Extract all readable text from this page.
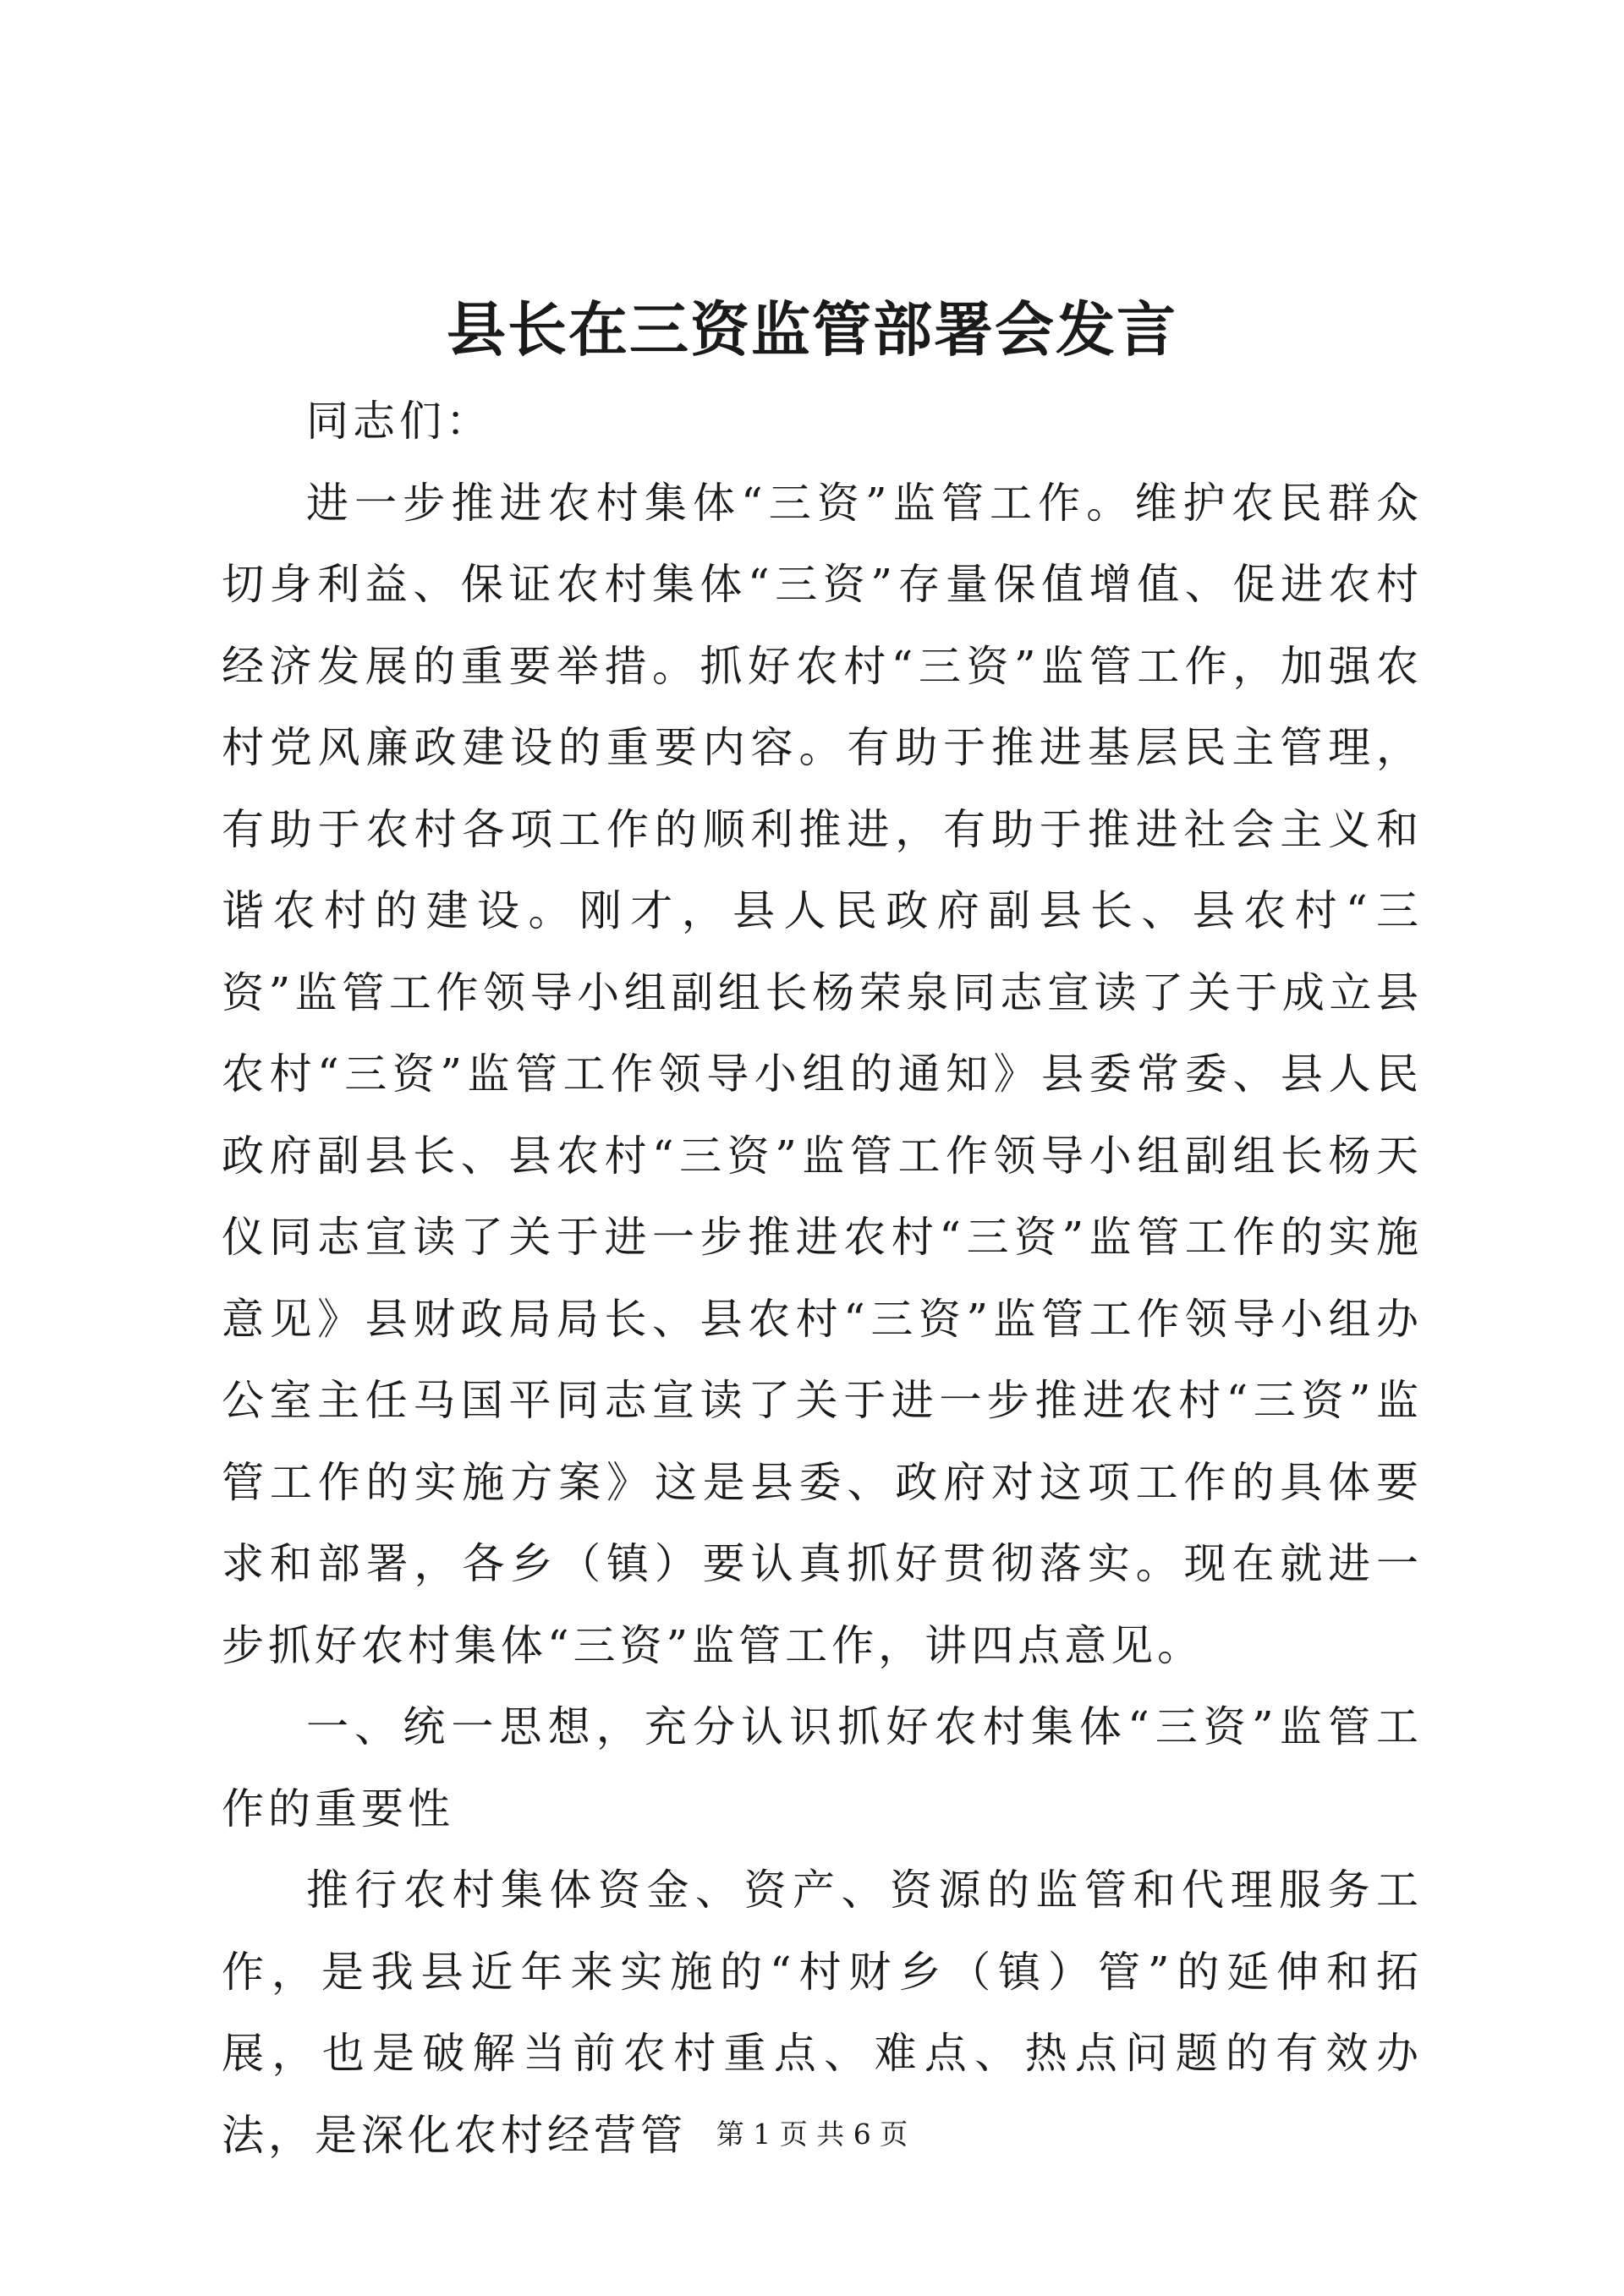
县长在三资监管部署会发言

同志们：

进一步推进农村集体“三资”监管工作。维护农民群众切身利益、保证农村集体“三资”存量保值增值、促进农村经济发展的重要举措。抓好农村“三资”监管工作，加强农村党风廉政建设的重要内容。有助于推进基层民主管理，有助于农村各项工作的顺利推进，有助于推进社会主义和谐农村的建设。刚才，县人民政府副县长、县农村“三资”监管工作领导小组副组长杨荣泉同志宣读了关于成立县农村“三资”监管工作领导小组的通知》县委常委、县人民政府副县长、县农村“三资”监管工作领导小组副组长杨天仪同志宣读了关于进一步推进农村“三资”监管工作的实施意见》县财政局局长、县农村“三资”监管工作领导小组办公室主任马国平同志宣读了关于进一步推进农村“三资”监管工作的实施方案》这是县委、政府对这项工作的具体要求和部署，各乡（镇）要认真抓好贯彻落实。现在就进一步抓好农村集体“三资”监管工作，讲四点意见。

一、统一思想，充分认识抓好农村集体“三资”监管工作的重要性

推行农村集体资金、资产、资源的监管和代理服务工作，是我县近年来实施的“村财乡（镇）管”的延伸和拓展，也是破解当前农村重点、难点、热点问题的有效办法，是深化农村经营管	第 1 页 共 6 页
